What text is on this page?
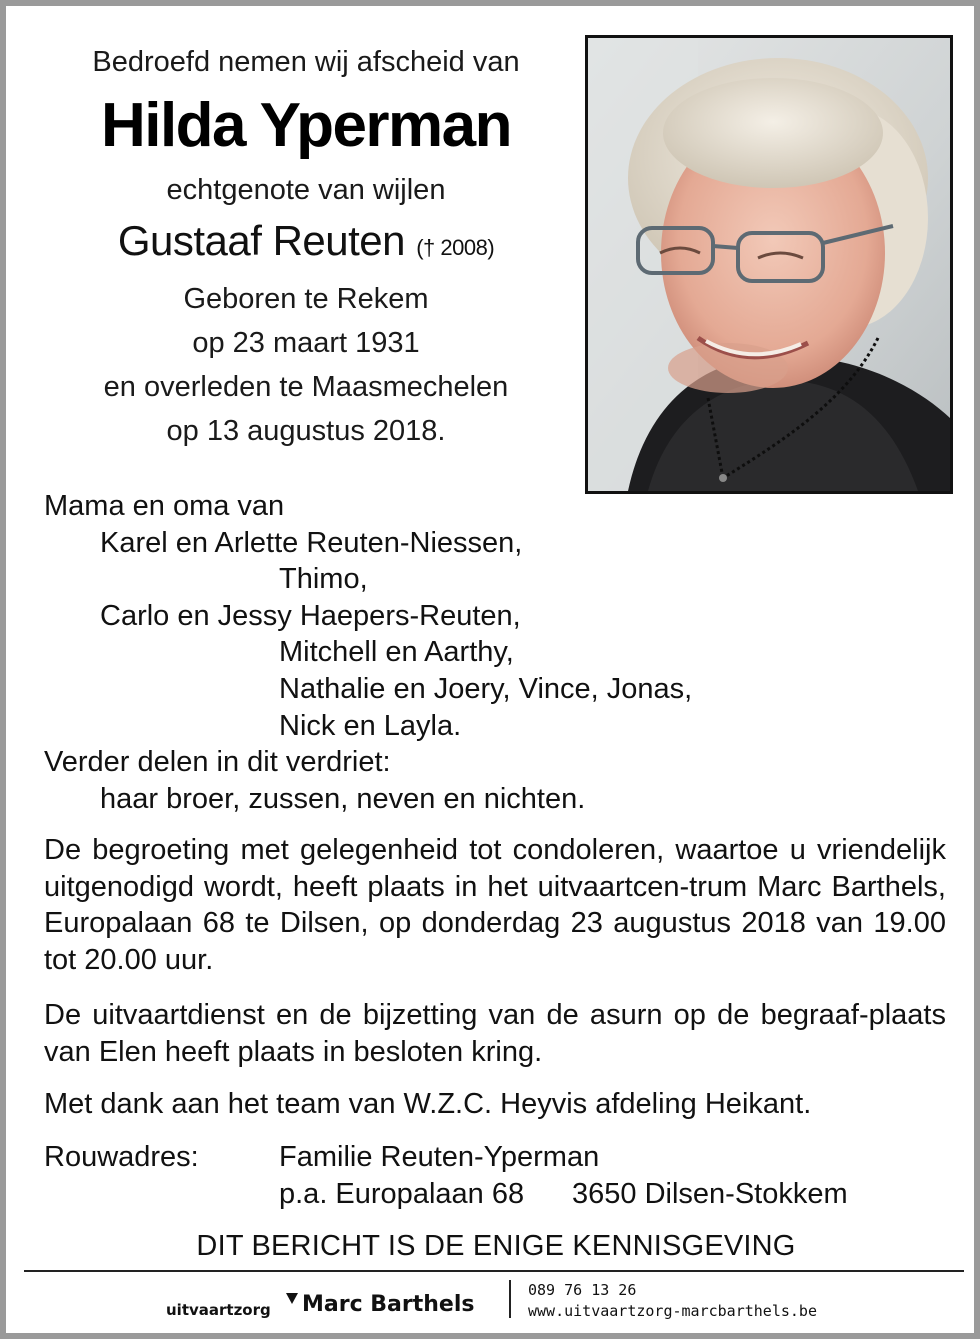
Bedroefd nemen wij afscheid van
Hilda Yperman
echtgenote van wijlen
Gustaaf Reuten († 2008)
Geboren te Rekem
op 23 maart 1931
en overleden te Maasmechelen
op 13 augustus 2018.
Mama en oma van
Karel en Arlette Reuten-Niessen,
Thimo,
Carlo en Jessy Haepers-Reuten,
Mitchell en Aarthy,
Nathalie en Joery, Vince, Jonas,
Nick en Layla.
Verder delen in dit verdriet:
haar broer, zussen, neven en nichten.
De begroeting met gelegenheid tot condoleren, waartoe u vriendelijk uitgenodigd wordt, heeft plaats in het uitvaartcen-trum Marc Barthels, Europalaan 68 te Dilsen, op donderdag 23 augustus 2018 van 19.00 tot 20.00 uur.
De uitvaartdienst en de bijzetting van de asurn op de begraaf-plaats van Elen heeft plaats in besloten kring.
Met dank aan het team van W.Z.C. Heyvis afdeling Heikant.
Rouwadres:	Familie Reuten-Yperman
p.a. Europalaan 68 3650 Dilsen-Stokkem
DIT BERICHT IS DE ENIGE KENNISGEVING
uitvaartzorg Marc Barthels
089 76 13 26
www.uitvaartzorg-marcbarthels.be
